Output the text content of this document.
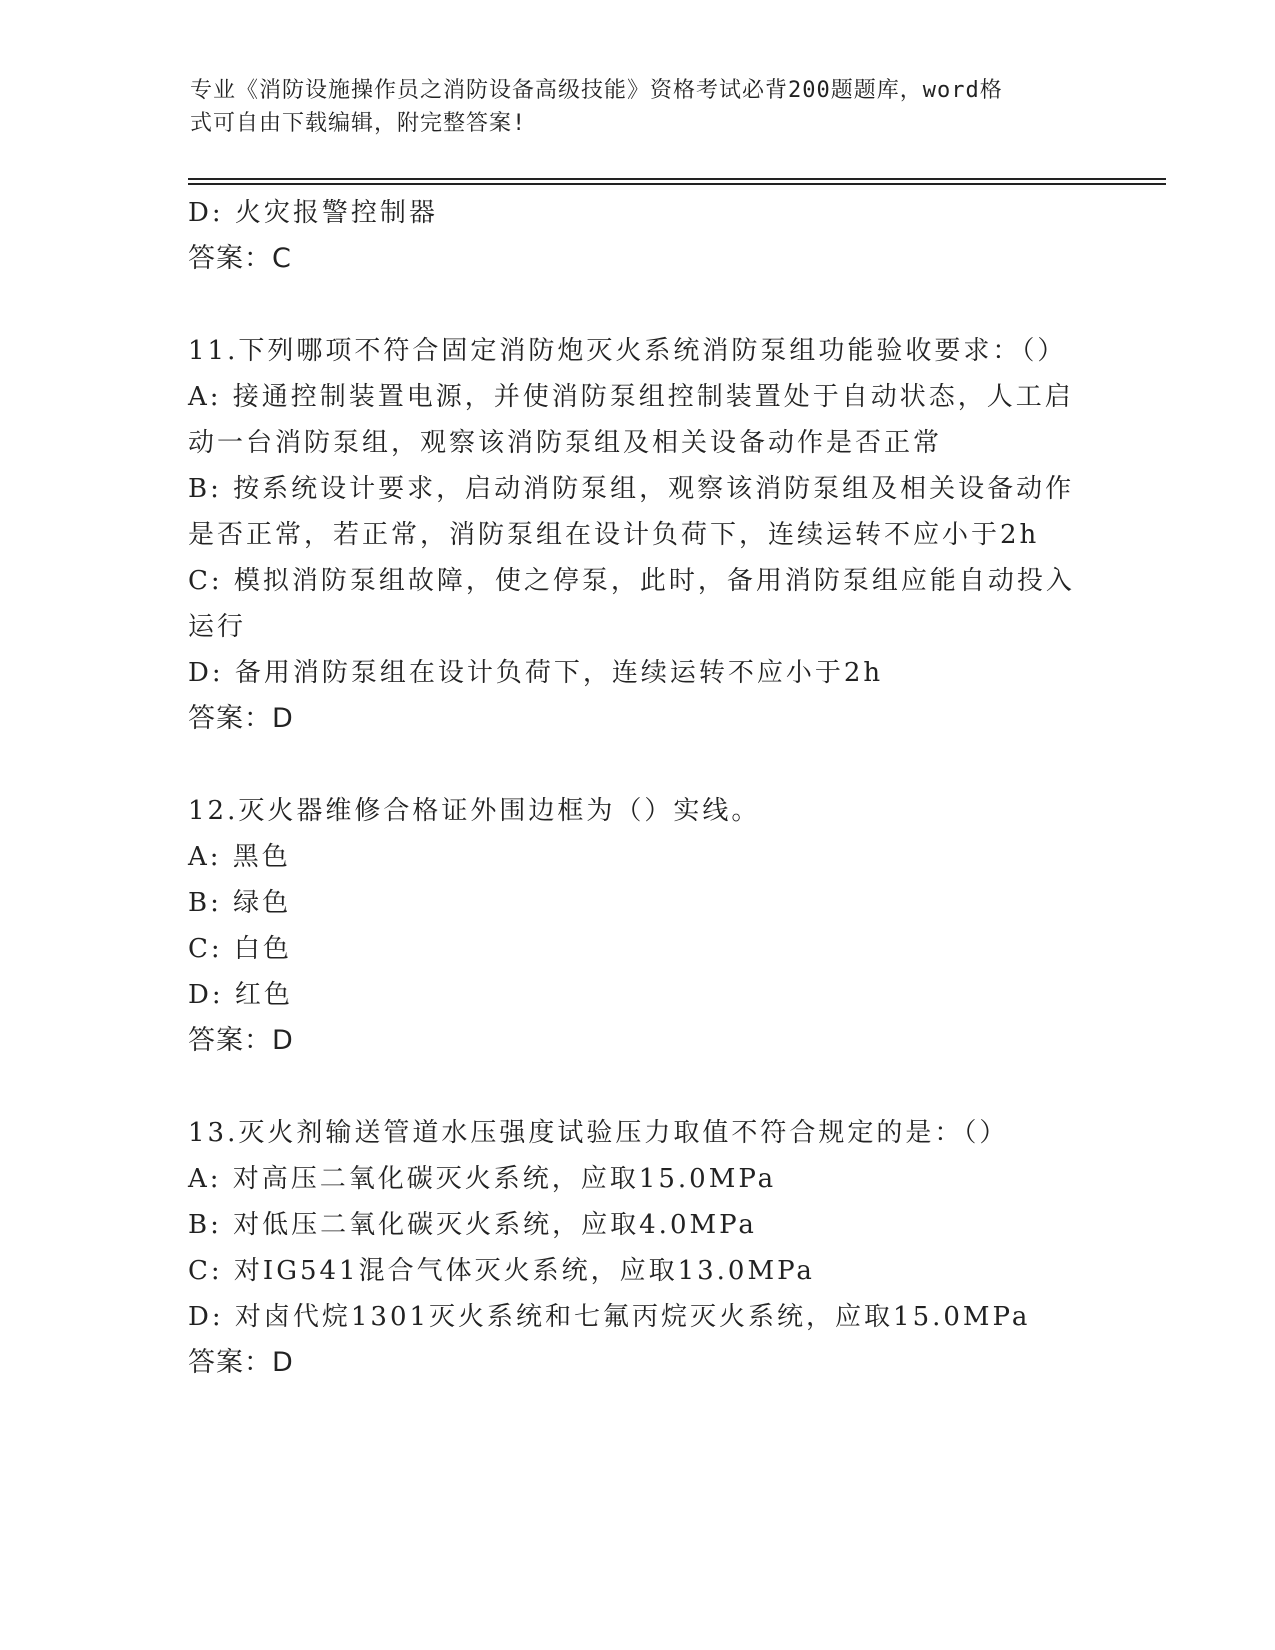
专业《消防设施操作员之消防设备高级技能》资格考试必背200题题库，word格
式可自由下载编辑，附完整答案!
D: 火灾报警控制器
答案：C
11.下列哪项不符合固定消防炮灭火系统消防泵组功能验收要求：（）
A: 接通控制装置电源，并使消防泵组控制装置处于自动状态，人工启
动一台消防泵组，观察该消防泵组及相关设备动作是否正常
B: 按系统设计要求，启动消防泵组，观察该消防泵组及相关设备动作
是否正常，若正常，消防泵组在设计负荷下，连续运转不应小于2h
C: 模拟消防泵组故障，使之停泵，此时，备用消防泵组应能自动投入
运行
D: 备用消防泵组在设计负荷下，连续运转不应小于2h
答案：D
12.灭火器维修合格证外围边框为（）实线。
A: 黑色
B: 绿色
C: 白色
D: 红色
答案：D
13.灭火剂输送管道水压强度试验压力取值不符合规定的是：（）
A: 对高压二氧化碳灭火系统，应取15.0MPa
B: 对低压二氧化碳灭火系统，应取4.0MPa
C: 对IG541混合气体灭火系统，应取13.0MPa
D: 对卤代烷1301灭火系统和七氟丙烷灭火系统，应取15.0MPa
答案：D
